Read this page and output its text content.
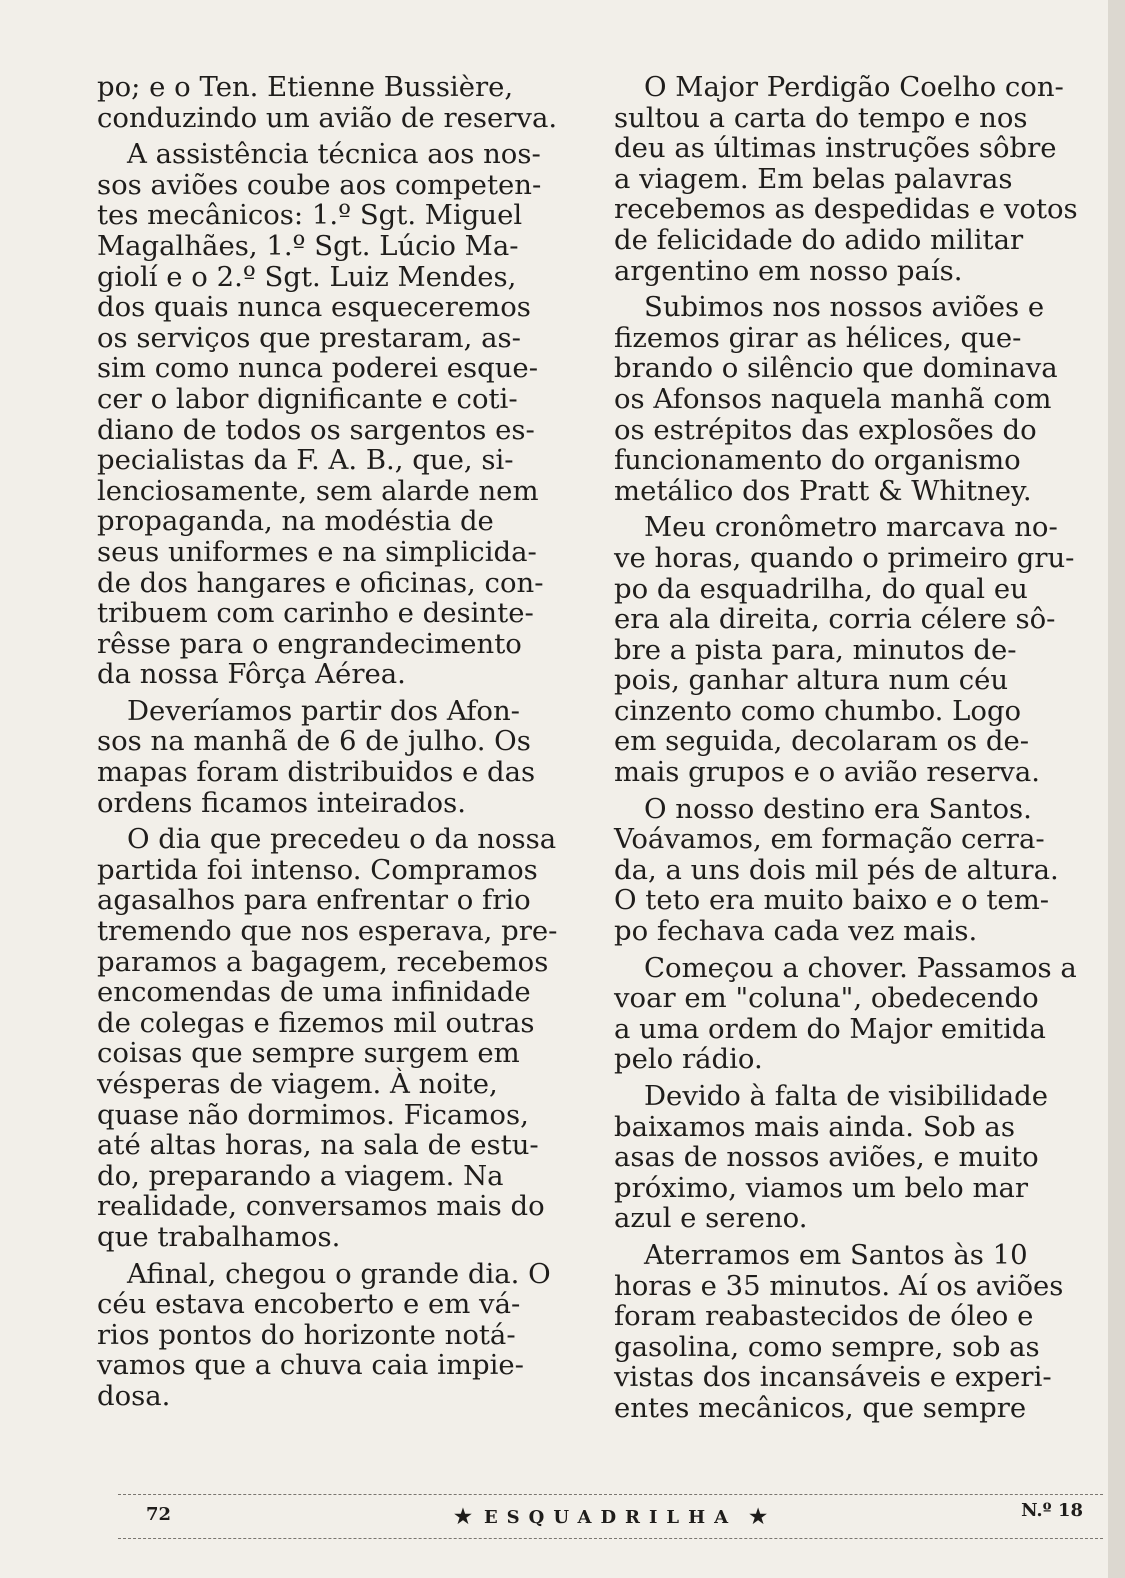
po; e o Ten. Etienne Bussière,
conduzindo um avião de reserva.

A assistência técnica aos nos-
sos aviões coube aos competen-
tes mecânicos: 1.º Sgt. Miguel
Magalhães, 1.º Sgt. Lúcio Ma-
giolí e o 2.º Sgt. Luiz Mendes,
dos quais nunca esqueceremos
os serviços que prestaram, as-
sim como nunca poderei esque-
cer o labor dignificante e coti-
diano de todos os sargentos es-
pecialistas da F. A. B., que, si-
lenciosamente, sem alarde nem
propaganda, na modéstia de
seus uniformes e na simplicida-
de dos hangares e oficinas, con-
tribuem com carinho e desinte-
rêsse para o engrandecimento
da nossa Fôrça Aérea.

Deveríamos partir dos Afon-
sos na manhã de 6 de julho. Os
mapas foram distribuidos e das
ordens ficamos inteirados.

O dia que precedeu o da nossa
partida foi intenso. Compramos
agasalhos para enfrentar o frio
tremendo que nos esperava, pre-
paramos a bagagem, recebemos
encomendas de uma infinidade
de colegas e fizemos mil outras
coisas que sempre surgem em
vésperas de viagem. À noite,
quase não dormimos. Ficamos,
até altas horas, na sala de estu-
do, preparando a viagem. Na
realidade, conversamos mais do
que trabalhamos.

Afinal, chegou o grande dia. O
céu estava encoberto e em vá-
rios pontos do horizonte notá-
vamos que a chuva caia impie-
dosa.

O Major Perdigão Coelho con-
sultou a carta do tempo e nos
deu as últimas instruções sôbre
a viagem. Em belas palavras
recebemos as despedidas e votos
de felicidade do adido militar
argentino em nosso país.

Subimos nos nossos aviões e
fizemos girar as hélices, que-
brando o silêncio que dominava
os Afonsos naquela manhã com
os estrépitos das explosões do
funcionamento do organismo
metálico dos Pratt & Whitney.

Meu cronômetro marcava no-
ve horas, quando o primeiro gru-
po da esquadrilha, do qual eu
era ala direita, corria célere sô-
bre a pista para, minutos de-
pois, ganhar altura num céu
cinzento como chumbo. Logo
em seguida, decolaram os de-
mais grupos e o avião reserva.

O nosso destino era Santos.
Voávamos, em formação cerra-
da, a uns dois mil pés de altura.
O teto era muito baixo e o tem-
po fechava cada vez mais.

Começou a chover. Passamos a
voar em "coluna", obedecendo
a uma ordem do Major emitida
pelo rádio.

Devido à falta de visibilidade
baixamos mais ainda. Sob as
asas de nossos aviões, e muito
próximo, viamos um belo mar
azul e sereno.

Aterramos em Santos às 10
horas e 35 minutos. Aí os aviões
foram reabastecidos de óleo e
gasolina, como sempre, sob as
vistas dos incansáveis e experi-
entes mecânicos, que sempre

72	★ ESQUADRILHA ★	N.º 18
